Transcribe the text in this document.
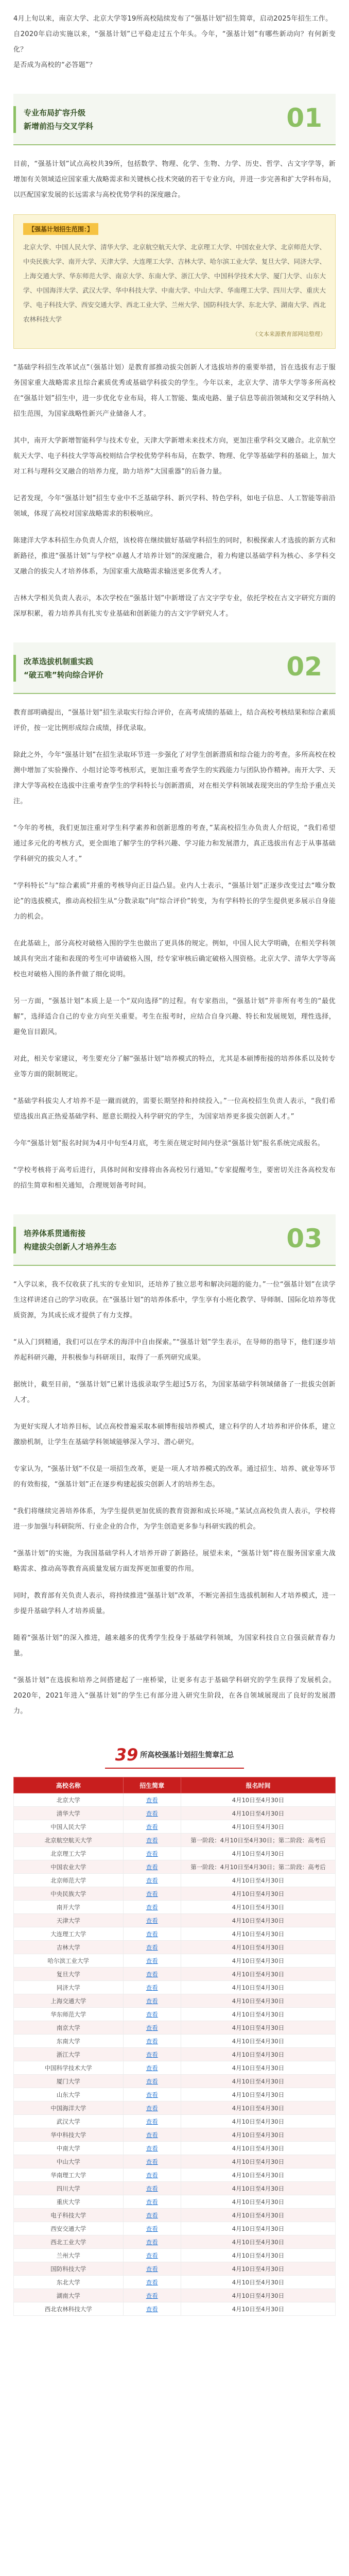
4月上旬以来，南京大学、北京大学等19所高校陆续发布了“强基计划”招生简章，启动2025年招生工作。

自2020年启动实施以来，“强基计划”已平稳走过五个年头。今年，“强基计划”有哪些新动向？有何新变化？

是否成为高校的“必答题”？

专业布局扩容升级
新增前沿与交叉学科	01

目前，“强基计划”试点高校共39所，包括数学、物理、化学、生物、力学、历史、哲学、古文字学等，新增加有关领域适应国家重大战略需求和关键核心技术突破的若干专业方向，并进一步完善和扩大学科布局，以匹配国家发展的长远需求与高校优势学科的深度融合。

【强基计划招生范围：】
北京大学、中国人民大学、清华大学、北京航空航天大学、北京理工大学、中国农业大学、北京师范大学、中央民族大学、南开大学、天津大学、大连理工大学、吉林大学、哈尔滨工业大学、复旦大学、同济大学、上海交通大学、华东师范大学、南京大学、东南大学、浙江大学、中国科学技术大学、厦门大学、山东大学、中国海洋大学、武汉大学、华中科技大学、中南大学、中山大学、华南理工大学、四川大学、重庆大学、电子科技大学、西安交通大学、西北工业大学、兰州大学、国防科技大学、东北大学、湖南大学、西北农林科技大学
（文本来源教育部网站整理）

“基础学科招生改革试点”（强基计划）是教育部推动拔尖创新人才选拔培养的重要举措，旨在选拔有志于服务国家重大战略需求且综合素质优秀或基础学科拔尖的学生。今年以来，北京大学、清华大学等多所高校在“强基计划”招生中，进一步优化专业布局，将人工智能、集成电路、量子信息等前沿领域和交叉学科纳入招生范围，为国家战略性新兴产业储备人才。

其中，南开大学新增智能科学与技术专业，天津大学新增未来技术方向，更加注重学科交叉融合。北京航空航天大学、电子科技大学等高校则结合学校优势学科布局，在数学、物理、化学等基础学科的基础上，加大对工科与理科交叉融合的培养力度，助力培养“大国重器”的后备力量。

记者发现，今年“强基计划”招生专业中不乏基础学科、新兴学科、特色学科，如电子信息、人工智能等前沿领域，体现了高校对国家战略需求的积极响应。

陈建洋大学本科招生办负责人介绍，该校将在继续做好基础学科招生的同时，积极探索人才选拔的新方式和新路径，推进“强基计划”与学校“卓越人才培养计划”的深度融合，着力构建以基础学科为核心、多学科交叉融合的拔尖人才培养体系，为国家重大战略需求输送更多优秀人才。

吉林大学相关负责人表示，本次学校在“强基计划”中新增设了古文字学专业，依托学校在古文字研究方面的深厚积累，着力培养具有扎实专业基础和创新能力的古文字学研究人才。

改革选拔机制重实践
“破五唯”转向综合评价	02

教育部明确提出，“强基计划”招生录取实行综合评价，在高考成绩的基础上，结合高校考核结果和综合素质评价，按一定比例形成综合成绩，择优录取。

除此之外，今年“强基计划”在招生录取环节进一步强化了对学生创新潜质和综合能力的考查。多所高校在校测中增加了实验操作、小组讨论等考核形式，更加注重考查学生的实践能力与团队协作精神。南开大学、天津大学等高校在选拔中注重考查学生的学科特长与创新潜质，对在相关学科领域表现突出的学生给予重点关注。

“今年的考核，我们更加注重对学生科学素养和创新思维的考查，”某高校招生办负责人介绍说，“我们希望通过多元化的考核方式，更全面地了解学生的学科兴趣、学习能力和发展潜力，真正选拔出有志于从事基础学科研究的拔尖人才。”

“学科特长”与“综合素质”并重的考核导向正日益凸显。业内人士表示，“强基计划”正逐步改变过去“唯分数论”的选拔模式，推动高校招生从“分数录取”向“综合评价”转变，为有学科特长的学生提供更多展示自身能力的机会。

在此基础上，部分高校对破格入围的学生也做出了更具体的规定。例如，中国人民大学明确，在相关学科领域具有突出才能和表现的考生可申请破格入围，经专家审核后确定破格入围资格。北京大学、清华大学等高校也对破格入围的条件做了细化说明。

另一方面，“强基计划”本质上是一个“双向选择”的过程。有专家指出，“强基计划”并非所有考生的“最优解”，选择适合自己的专业方向至关重要。考生在报考时，应结合自身兴趣、特长和发展规划，理性选择，避免盲目跟风。

对此，相关专家建议，考生要充分了解“强基计划”培养模式的特点，尤其是本硕博衔接的培养体系以及转专业等方面的限制规定。

“基础学科拔尖人才培养不是一蹴而就的，需要长期坚持和持续投入。”一位高校招生负责人表示，“我们希望选拔出真正热爱基础学科、愿意长期投入科学研究的学生，为国家培养更多拔尖创新人才。”

今年“强基计划”报名时间为4月中旬至4月底，考生须在规定时间内登录“强基计划”报名系统完成报名。

“学校考核将于高考后进行，具体时间和安排将由各高校另行通知。”专家提醒考生，要密切关注各高校发布的招生简章和相关通知，合理规划备考时间。

培养体系贯通衔接
构建拔尖创新人才培养生态	03

“入学以来，我不仅收获了扎实的专业知识，还培养了独立思考和解决问题的能力。”一位“强基计划”在读学生这样讲述自己的学习收获。在“强基计划”的培养体系中，学生享有小班化教学、导师制、国际化培养等优质资源，为其成长成才提供了有力支撑。

“从入门到精通，我们可以在学术的海洋中自由探索。”“强基计划”学生表示，在导师的指导下，他们逐步培养起科研兴趣，并积极参与科研项目，取得了一系列研究成果。

据统计，截至目前，“强基计划”已累计选拔录取学生超过5万名，为国家基础学科领域储备了一批拔尖创新人才。

为更好实现人才培养目标，试点高校普遍采取本硕博衔接培养模式，建立科学的人才培养和评价体系，建立激励机制，让学生在基础学科领域能够深入学习、潜心研究。

专家认为，“强基计划”不仅是一项招生改革，更是一项人才培养模式的改革。通过招生、培养、就业等环节的有效衔接，“强基计划”正在逐步构建起拔尖创新人才的培养生态。

“我们将继续完善培养体系，为学生提供更加优质的教育资源和成长环境。”某试点高校负责人表示，学校将进一步加强与科研院所、行业企业的合作，为学生创造更多参与科研实践的机会。

“强基计划”的实施，为我国基础学科人才培养开辟了新路径。展望未来，“强基计划”将在服务国家重大战略需求、推动高等教育高质量发展方面发挥更加重要的作用。

同时，教育部有关负责人表示，将持续推进“强基计划”改革，不断完善招生选拔机制和人才培养模式，进一步提升基础学科人才培养质量。

随着“强基计划”的深入推进，越来越多的优秀学生投身于基础学科领域，为国家科技自立自强贡献青春力量。

“强基计划”在选拔和培养之间搭建起了一座桥梁，让更多有志于基础学科研究的学生获得了发展机会。2020年，2021年进入“强基计划”的学生已有部分进入研究生阶段，在各自领域展现出了良好的发展潜力。

39 所高校强基计划招生简章汇总
高校名称	招生简章	报名时间
北京大学	查看	4月10日至4月30日
清华大学	查看	4月10日至4月30日
中国人民大学	查看	4月10日至4月30日
北京航空航天大学	查看	第一阶段：4月10日至4月30日；第二阶段：高考后
北京理工大学	查看	4月10日至4月30日
中国农业大学	查看	第一阶段：4月10日至4月30日；第二阶段：高考后
北京师范大学	查看	4月10日至4月30日
中央民族大学	查看	4月10日至4月30日
南开大学	查看	4月10日至4月30日
天津大学	查看	4月10日至4月30日
大连理工大学	查看	4月10日至4月30日
吉林大学	查看	4月10日至4月30日
哈尔滨工业大学	查看	4月10日至4月30日
复旦大学	查看	4月10日至4月30日
同济大学	查看	4月10日至4月30日
上海交通大学	查看	4月10日至4月30日
华东师范大学	查看	4月10日至4月30日
南京大学	查看	4月10日至4月30日
东南大学	查看	4月10日至4月30日
浙江大学	查看	4月10日至4月30日
中国科学技术大学	查看	4月10日至4月30日
厦门大学	查看	4月10日至4月30日
山东大学	查看	4月10日至4月30日
中国海洋大学	查看	4月10日至4月30日
武汉大学	查看	4月10日至4月30日
华中科技大学	查看	4月10日至4月30日
中南大学	查看	4月10日至4月30日
中山大学	查看	4月10日至4月30日
华南理工大学	查看	4月10日至4月30日
四川大学	查看	4月10日至4月30日
重庆大学	查看	4月10日至4月30日
电子科技大学	查看	4月10日至4月30日
西安交通大学	查看	4月10日至4月30日
西北工业大学	查看	4月10日至4月30日
兰州大学	查看	4月10日至4月30日
国防科技大学	查看	4月10日至4月30日
东北大学	查看	4月10日至4月30日
湖南大学	查看	4月10日至4月30日
西北农林科技大学	查看	4月10日至4月30日
